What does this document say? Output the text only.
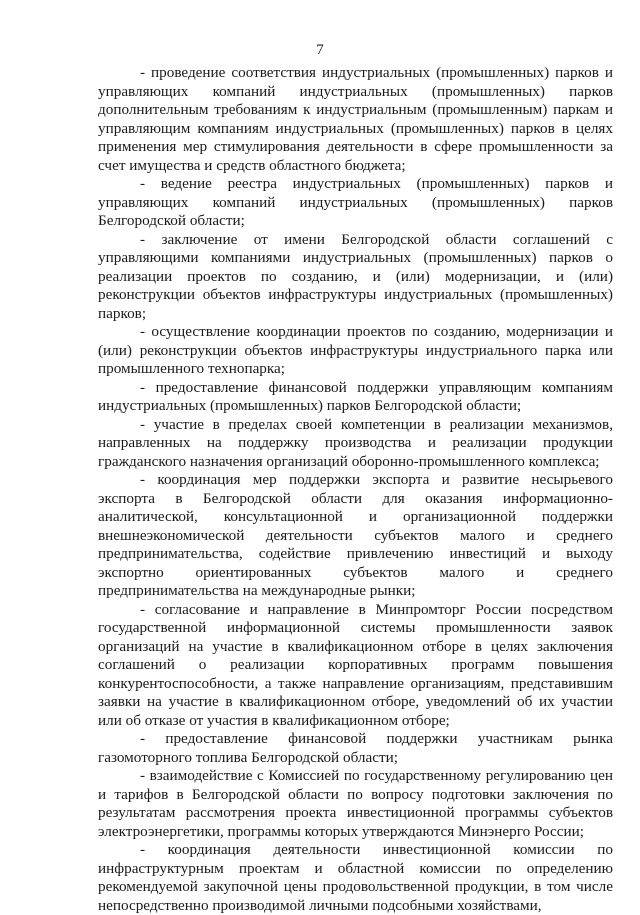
7

- проведение соответствия индустриальных (промышленных) парков и управляющих компаний индустриальных (промышленных) парков дополнительным требованиям к индустриальным (промышленным) паркам и управляющим компаниям индустриальных (промышленных) парков в целях применения мер стимулирования деятельности в сфере промышленности за счет имущества и средств областного бюджета;

- ведение реестра индустриальных (промышленных) парков и управляющих компаний индустриальных (промышленных) парков Белгородской области;

- заключение от имени Белгородской области соглашений с управляющими компаниями индустриальных (промышленных) парков о реализации проектов по созданию, и (или) модернизации, и (или) реконструкции объектов инфраструктуры индустриальных (промышленных) парков;

- осуществление координации проектов по созданию, модернизации и (или) реконструкции объектов инфраструктуры индустриального парка или промышленного технопарка;

- предоставление финансовой поддержки управляющим компаниям индустриальных (промышленных) парков Белгородской области;

- участие в пределах своей компетенции в реализации механизмов, направленных на поддержку производства и реализации продукции гражданского назначения организаций оборонно-промышленного комплекса;

- координация мер поддержки экспорта и развитие несырьевого экспорта в Белгородской области для оказания информационно-аналитической, консультационной и организационной поддержки внешнеэкономической деятельности субъектов малого и среднего предпринимательства, содействие привлечению инвестиций и выходу экспортно ориентированных субъектов малого и среднего предпринимательства на международные рынки;

- согласование и направление в Минпромторг России посредством государственной информационной системы промышленности заявок организаций на участие в квалификационном отборе в целях заключения соглашений о реализации корпоративных программ повышения конкурентоспособности, а также направление организациям, представившим заявки на участие в квалификационном отборе, уведомлений об их участии или об отказе от участия в квалификационном отборе;

- предоставление финансовой поддержки участникам рынка газомоторного топлива Белгородской области;

- взаимодействие с Комиссией по государственному регулированию цен и тарифов в Белгородской области по вопросу подготовки заключения по результатам рассмотрения проекта инвестиционной программы субъектов электроэнергетики, программы которых утверждаются Минэнерго России;

- координация деятельности инвестиционной комиссии по инфраструктурным проектам и областной комиссии по определению рекомендуемой закупочной цены продовольственной продукции, в том числе непосредственно производимой личными подсобными хозяйствами,
